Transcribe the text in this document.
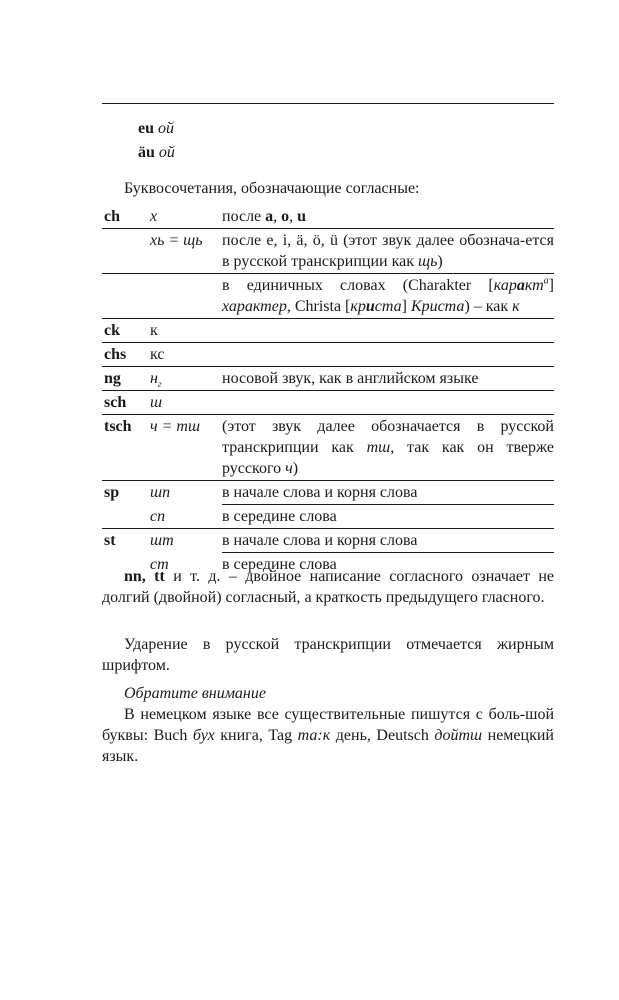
eu ой
äu ой
Буквосочетания, обозначающие согласные:
ch	х	после a, o, u
	хь = щь	после e, i, ä, ö, ü (этот звук далее обознача-ется в русской транскрипции как щь)
		в единичных словах (Charakter [каракт$^а$] характер, Christa [криста] Криста) – как к
ck	к	
chs	кс	
ng	$н_г$	носовой звук, как в английском языке
sch	ш	
tsch	ч = тш	(этот звук далее обозначается в русской транскрипции как тш, так как он тверже русского ч)
sp	шп	в начале слова и корня слова
	сп	в середине слова
st	шт	в начале слова и корня слова
	ст	в середине слова
nn, tt и т. д. – двойное написание согласного означает не долгий (двойной) согласный, а краткость предыдущего гласного.
Ударение в русской транскрипции отмечается жирным шрифтом.
Обратите внимание
В немецком языке все существительные пишутся с боль-шой буквы: Buch бух книга, Tag та:к день, Deutsch дойтш немецкий язык.
